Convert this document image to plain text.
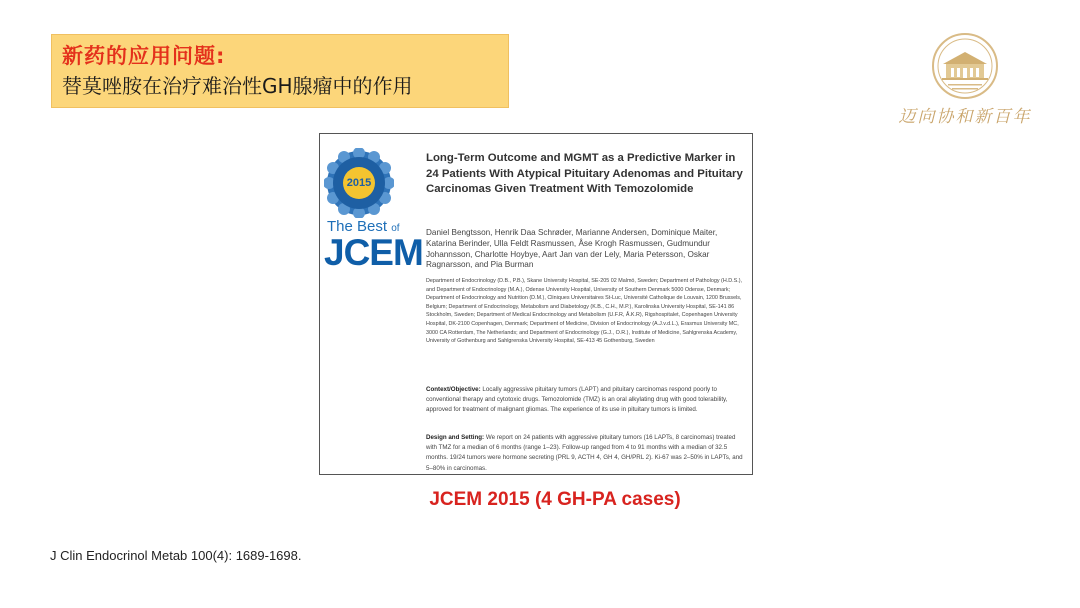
新药的应用问题:
替莫唑胺在治疗难治性GH腺瘤中的作用
迈向协和新百年
2015
The Best of
JCEM
Long-Term Outcome and MGMT as a Predictive Marker in 24 Patients With Atypical Pituitary Adenomas and Pituitary Carcinomas Given Treatment With Temozolomide
Daniel Bengtsson, Henrik Daa Schrøder, Marianne Andersen, Dominique Maiter, Katarina Berinder, Ulla Feldt Rasmussen, Åse Krogh Rasmussen, Gudmundur Johannsson, Charlotte Hoybye, Aart Jan van der Lely, Maria Petersson, Oskar Ragnarsson, and Pia Burman
Department of Endocrinology (D.B., P.B.), Skane University Hospital, SE-205 02 Malmö, Sweden; Department of Pathology (H.D.S.), and Department of Endocrinology (M.A.), Odense University Hospital, University of Southern Denmark 5000 Odense, Denmark; Department of Endocrinology and Nutrition (D.M.), Cliniques Universitaires St-Luc, Université Catholique de Louvain, 1200 Brussels, Belgium; Department of Endocrinology, Metabolism and Diabetology (K.B., C.H., M.P.), Karolinska University Hospital, SE-141 86 Stockholm, Sweden; Department of Medical Endocrinology and Metabolism (U.F.R, Å.K.R), Rigshospitalet, Copenhagen University Hospital, DK-2100 Copenhagen, Denmark; Department of Medicine, Division of Endocrinology (A.J.v.d.L.), Erasmus University MC, 3000 CA Rotterdam, The Netherlands; and Department of Endocrinology (G.J., O.R.), Institute of Medicine, Sahlgrenska Academy, University of Gothenburg and Sahlgrenska University Hospital, SE-413 45 Gothenburg, Sweden
Context/Objective: Locally aggressive pituitary tumors (LAPT) and pituitary carcinomas respond poorly to conventional therapy and cytotoxic drugs. Temozolomide (TMZ) is an oral alkylating drug with good tolerability, approved for treatment of malignant gliomas. The experience of its use in pituitary tumors is limited.
Design and Setting: We report on 24 patients with aggressive pituitary tumors (16 LAPTs, 8 carcinomas) treated with TMZ for a median of 6 months (range 1–23). Follow-up ranged from 4 to 91 months with a median of 32.5 months. 19/24 tumors were hormone secreting (PRL 9, ACTH 4, GH 4, GH/PRL 2). Ki-67 was 2–50% in LAPTs, and 5–80% in carcinomas.
JCEM 2015 (4 GH-PA cases)
J Clin Endocrinol Metab 100(4): 1689-1698.
